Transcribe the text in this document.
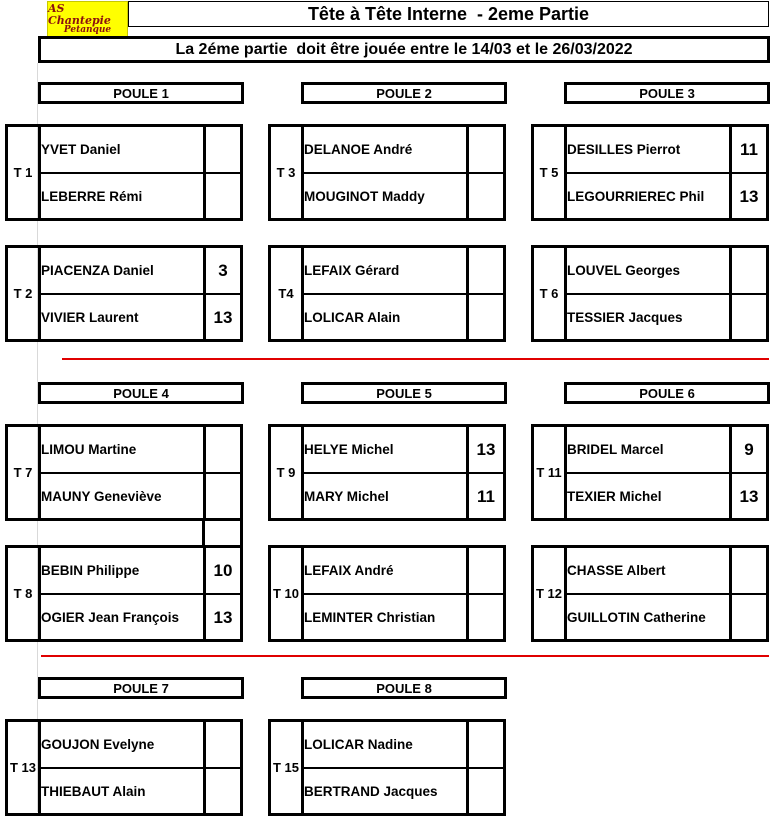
AS Chantepie
Petanque
Tête à Tête Interne  - 2eme Partie
La 2éme partie  doit être jouée entre le 14/03 et le 26/03/2022
POULE 1	POULE 2	POULE 3
T 1
YVET Daniel
LEBERRE Rémi
T 3
DELANOE André
MOUGINOT Maddy
T 5
DESILLES Pierrot	11
LEGOURRIEREC Phil	13
T 2
PIACENZA Daniel	3
VIVIER Laurent	13
T4
LEFAIX Gérard
LOLICAR Alain
T 6
LOUVEL Georges
TESSIER Jacques
POULE 4	POULE 5	POULE 6
T 7
LIMOU Martine
MAUNY Geneviève
T 9
HELYE Michel	13
MARY Michel	11
T 11
BRIDEL Marcel	9
TEXIER Michel	13
T 8
BEBIN Philippe	10
OGIER Jean François	13
T 10
LEFAIX André
LEMINTER Christian
T 12
CHASSE Albert
GUILLOTIN Catherine
POULE 7	POULE 8
T 13
GOUJON Evelyne
THIEBAUT Alain
T 15
LOLICAR Nadine
BERTRAND Jacques
